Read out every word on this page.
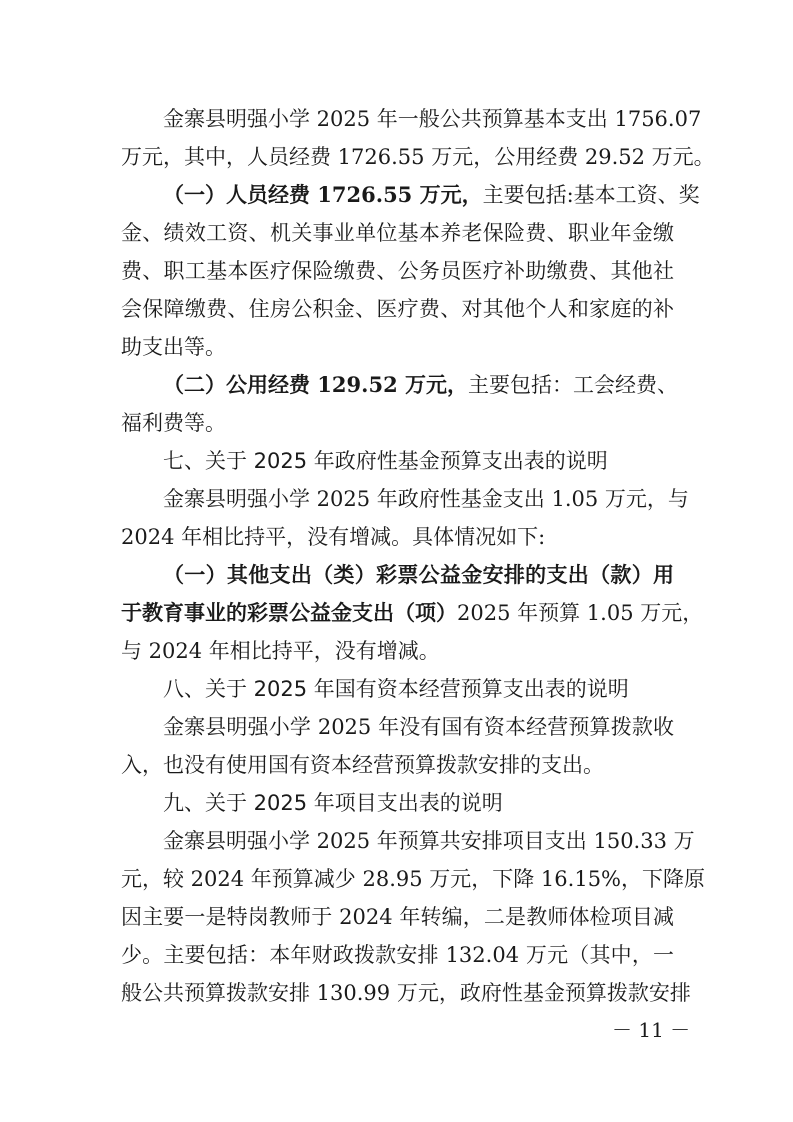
金寨县明强小学 2025 年一般公共预算基本支出 1756.07
万元，其中，人员经费 1726.55 万元，公用经费 29.52 万元。
（一）人员经费 1726.55 万元，主要包括:基本工资、奖
金、绩效工资、机关事业单位基本养老保险费、职业年金缴
费、职工基本医疗保险缴费、公务员医疗补助缴费、其他社
会保障缴费、住房公积金、医疗费、对其他个人和家庭的补
助支出等。
（二）公用经费 129.52 万元，主要包括：工会经费、
福利费等。
七、关于 2025 年政府性基金预算支出表的说明
金寨县明强小学 2025 年政府性基金支出 1.05 万元，与
2024 年相比持平，没有增减。具体情况如下:
（一）其他支出（类）彩票公益金安排的支出（款）用
于教育事业的彩票公益金支出（项）2025 年预算 1.05 万元，
与 2024 年相比持平，没有增减。
八、关于 2025 年国有资本经营预算支出表的说明
金寨县明强小学 2025 年没有国有资本经营预算拨款收
入，也没有使用国有资本经营预算拨款安排的支出。
九、关于 2025 年项目支出表的说明
金寨县明强小学 2025 年预算共安排项目支出 150.33 万
元，较 2024 年预算减少 28.95 万元，下降 16.15%，下降原
因主要一是特岗教师于 2024 年转编，二是教师体检项目减
少。主要包括：本年财政拨款安排 132.04 万元（其中，一
般公共预算拨款安排 130.99 万元，政府性基金预算拨款安排
－ 11 －
